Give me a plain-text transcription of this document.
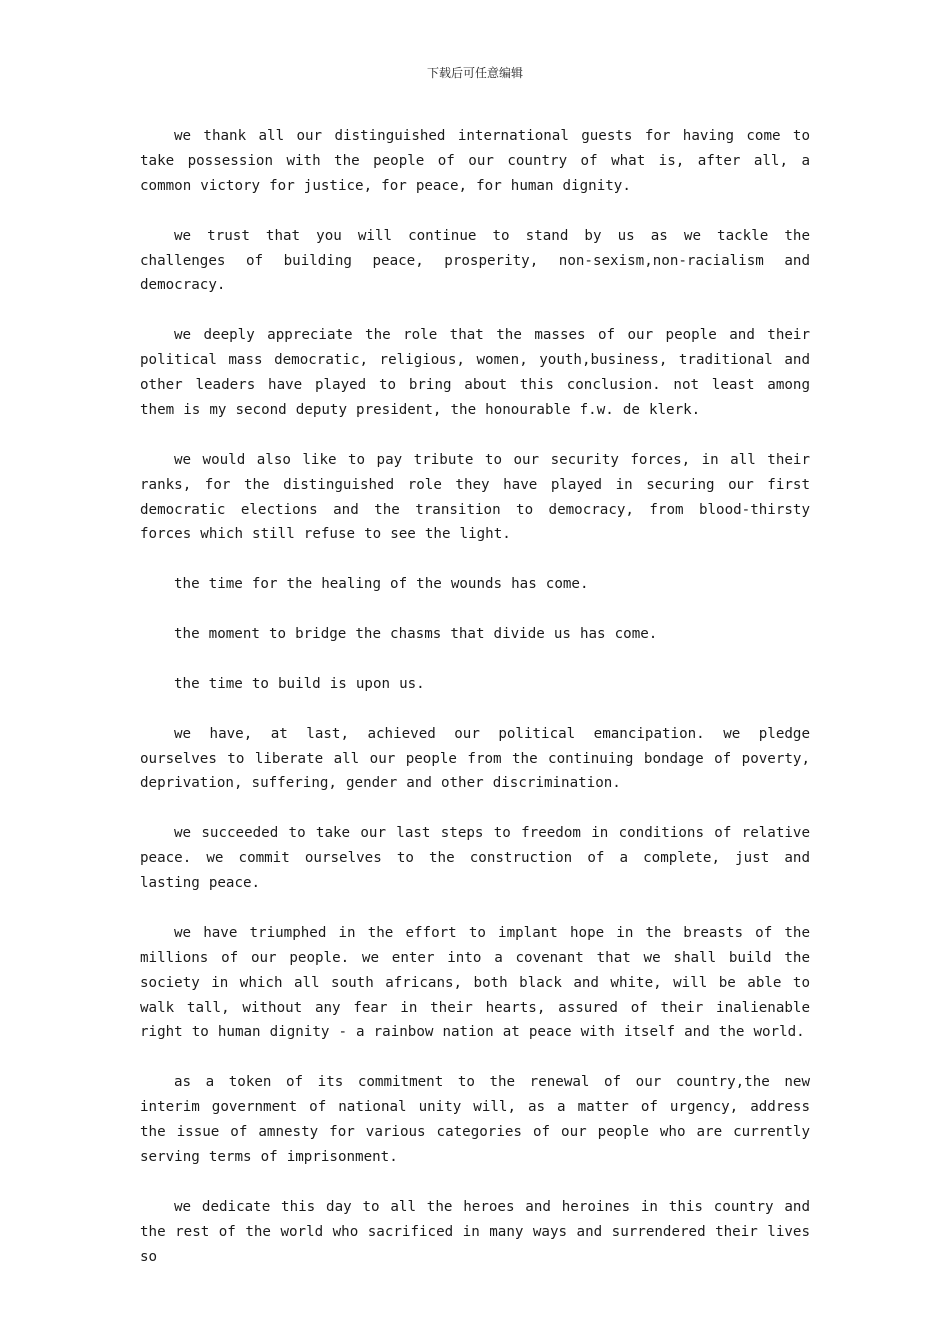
下载后可任意编辑

we thank all our distinguished international guests for having come to take possession with the people of our country of what is, after all, a common victory for justice, for peace, for human dignity.

we trust that you will continue to stand by us as we tackle the challenges of building peace, prosperity, non-sexism,non-racialism and democracy.

we deeply appreciate the role that the masses of our people and their political mass democratic, religious, women, youth,business, traditional and other leaders have played to bring about this conclusion. not least among them is my second deputy president, the honourable f.w. de klerk.

we would also like to pay tribute to our security forces, in all their ranks, for the distinguished role they have played in securing our first democratic elections and the transition to democracy, from blood-thirsty forces which still refuse to see the light.

the time for the healing of the wounds has come.

the moment to bridge the chasms that divide us has come.

the time to build is upon us.

we have, at last, achieved our political emancipation. we pledge ourselves to liberate all our people from the continuing bondage of poverty, deprivation, suffering, gender and other discrimination.

we succeeded to take our last steps to freedom in conditions of relative peace. we commit ourselves to the construction of a complete, just and lasting peace.

we have triumphed in the effort to implant hope in the breasts of the millions of our people. we enter into a covenant that we shall build the society in which all south africans, both black and white, will be able to walk tall, without any fear in their hearts, assured of their inalienable right to human dignity - a rainbow nation at peace with itself and the world.

as a token of its commitment to the renewal of our country,the new interim government of national unity will, as a matter of urgency, address the issue of amnesty for various categories of our people who are currently serving terms of imprisonment.

we dedicate this day to all the heroes and heroines in this country and the rest of the world who sacrificed in many ways and surrendered their lives so
